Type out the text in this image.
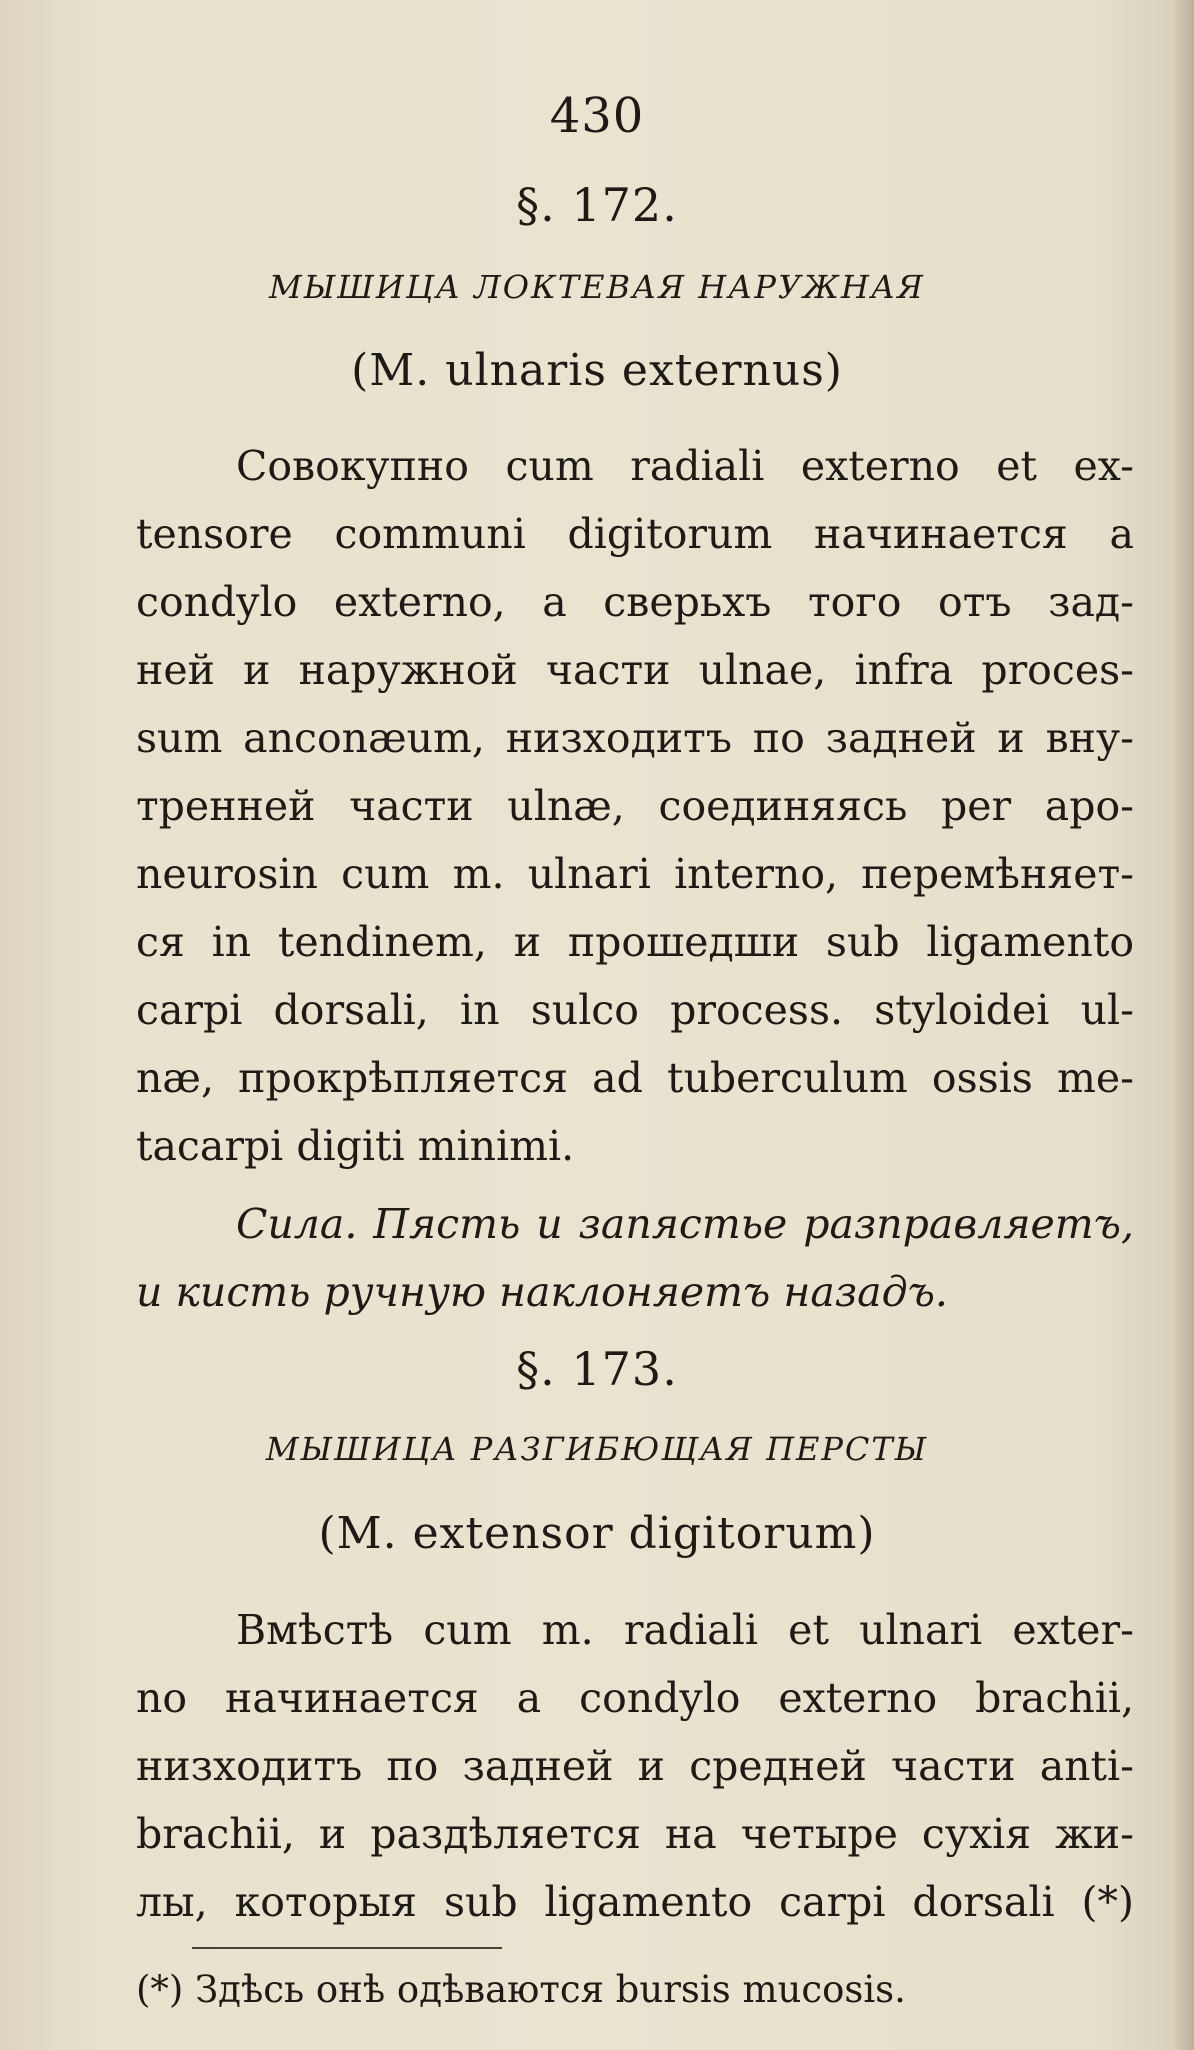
430
§. 172.
МЫШИЦА ЛОКТЕВАЯ НАРУЖНАЯ
(M. ulnaris externus)
Совокупно cum radiali externo et ex-
tensore communi digitorum начинается a
condylo externo, а сверьхъ того отъ зад-
ней и наружной части ulnae, infra proces-
sum anconæum, низходитъ по задней и вну-
тренней части ulnæ, соединяясь per apo-
neurosin cum m. ulnari interno, перемѣняет-
ся in tendinem, и прошедши sub ligamento
carpi dorsali, in sulco process. styloidei ul-
næ, прокрѣпляется ad tuberculum ossis me-
tacarpi digiti minimi.
Сила. Пясть и запястье разправляетъ,
и кисть ручную наклоняетъ назадъ.
§. 173.
МЫШИЦА РАЗГИБЮЩАЯ ПЕРСТЫ
(M. extensor digitorum)
Вмѣстѣ cum m. radiali et ulnari exter-
no начинается a condylo externo brachii,
низходитъ по задней и средней части anti-
brachii, и раздѣляется на четыре сухія жи-
лы, которыя sub ligamento carpi dorsali (*)
(*) Здѣсь онѣ одѣваются bursis mucosis.
